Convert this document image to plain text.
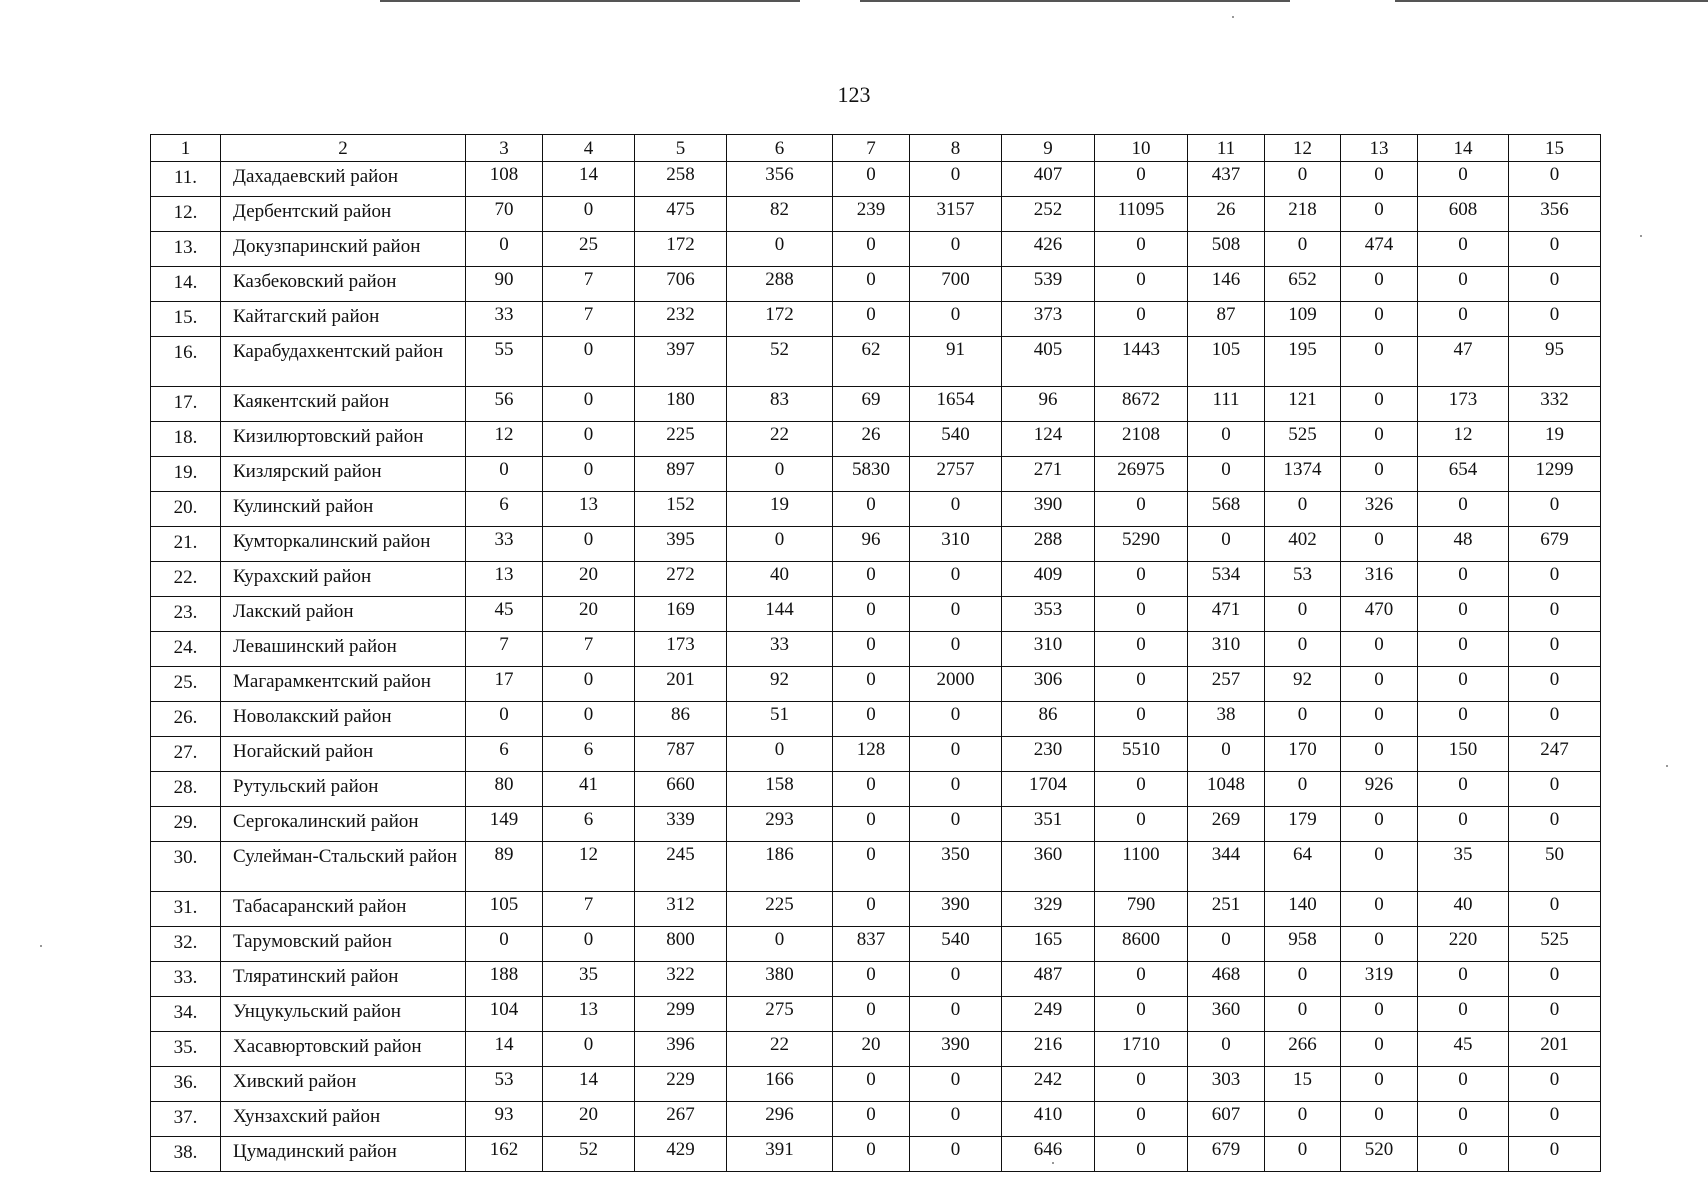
123
1	2	3	4	5	6	7	8	9	10	11	12	13	14	15
11.	Дахадаевский район	108	14	258	356	0	0	407	0	437	0	0	0	0
12.	Дербентский район	70	0	475	82	239	3157	252	11095	26	218	0	608	356
13.	Докузпаринский район	0	25	172	0	0	0	426	0	508	0	474	0	0
14.	Казбековский район	90	7	706	288	0	700	539	0	146	652	0	0	0
15.	Кайтагский район	33	7	232	172	0	0	373	0	87	109	0	0	0
16.	Карабудахкентский район	55	0	397	52	62	91	405	1443	105	195	0	47	95
17.	Каякентский район	56	0	180	83	69	1654	96	8672	111	121	0	173	332
18.	Кизилюртовский район	12	0	225	22	26	540	124	2108	0	525	0	12	19
19.	Кизлярский район	0	0	897	0	5830	2757	271	26975	0	1374	0	654	1299
20.	Кулинский район	6	13	152	19	0	0	390	0	568	0	326	0	0
21.	Кумторкалинский район	33	0	395	0	96	310	288	5290	0	402	0	48	679
22.	Курахский район	13	20	272	40	0	0	409	0	534	53	316	0	0
23.	Лакский район	45	20	169	144	0	0	353	0	471	0	470	0	0
24.	Левашинский район	7	7	173	33	0	0	310	0	310	0	0	0	0
25.	Магарамкентский район	17	0	201	92	0	2000	306	0	257	92	0	0	0
26.	Новолакский район	0	0	86	51	0	0	86	0	38	0	0	0	0
27.	Ногайский район	6	6	787	0	128	0	230	5510	0	170	0	150	247
28.	Рутульский район	80	41	660	158	0	0	1704	0	1048	0	926	0	0
29.	Сергокалинский район	149	6	339	293	0	0	351	0	269	179	0	0	0
30.	Сулейман-Стальский район	89	12	245	186	0	350	360	1100	344	64	0	35	50
31.	Табасаранский район	105	7	312	225	0	390	329	790	251	140	0	40	0
32.	Тарумовский район	0	0	800	0	837	540	165	8600	0	958	0	220	525
33.	Тляратинский район	188	35	322	380	0	0	487	0	468	0	319	0	0
34.	Унцукульский район	104	13	299	275	0	0	249	0	360	0	0	0	0
35.	Хасавюртовский район	14	0	396	22	20	390	216	1710	0	266	0	45	201
36.	Хивский район	53	14	229	166	0	0	242	0	303	15	0	0	0
37.	Хунзахский район	93	20	267	296	0	0	410	0	607	0	0	0	0
38.	Цумадинский район	162	52	429	391	0	0	646	0	679	0	520	0	0
